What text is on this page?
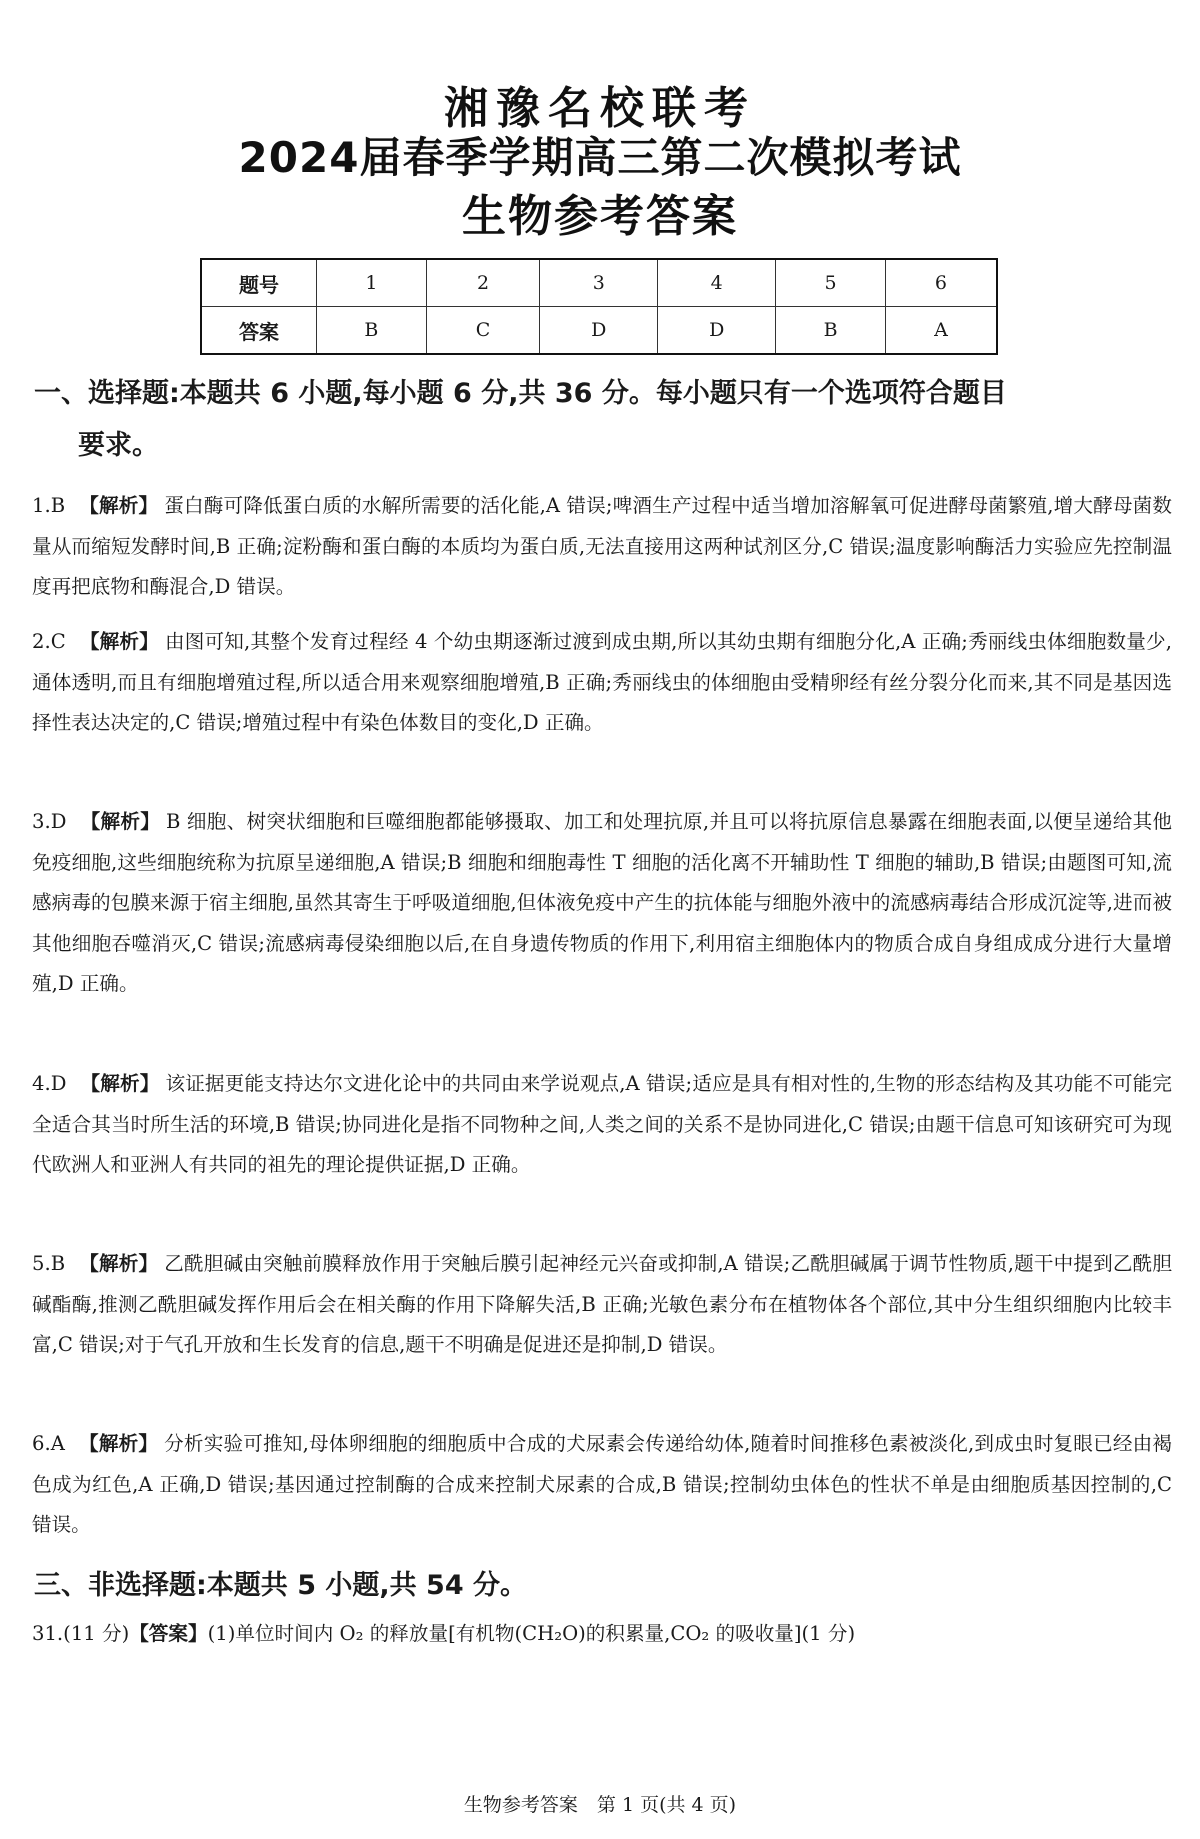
湘豫名校联考
2024届春季学期高三第二次模拟考试
生物参考答案
题号	1	2	3	4	5	6
答案	B	C	D	D	B	A
一、选择题:本题共 6 小题,每小题 6 分,共 36 分。每小题只有一个选项符合题目
要求。
1.B 【解析】 蛋白酶可降低蛋白质的水解所需要的活化能,A 错误;啤酒生产过程中适当增加溶解氧可促进酵母菌繁殖,增大酵母菌数量从而缩短发酵时间,B 正确;淀粉酶和蛋白酶的本质均为蛋白质,无法直接用这两种试剂区分,C 错误;温度影响酶活力实验应先控制温度再把底物和酶混合,D 错误。
2.C 【解析】 由图可知,其整个发育过程经 4 个幼虫期逐渐过渡到成虫期,所以其幼虫期有细胞分化,A 正确;秀丽线虫体细胞数量少,通体透明,而且有细胞增殖过程,所以适合用来观察细胞增殖,B 正确;秀丽线虫的体细胞由受精卵经有丝分裂分化而来,其不同是基因选择性表达决定的,C 错误;增殖过程中有染色体数目的变化,D 正确。
3.D 【解析】 B 细胞、树突状细胞和巨噬细胞都能够摄取、加工和处理抗原,并且可以将抗原信息暴露在细胞表面,以便呈递给其他免疫细胞,这些细胞统称为抗原呈递细胞,A 错误;B 细胞和细胞毒性 T 细胞的活化离不开辅助性 T 细胞的辅助,B 错误;由题图可知,流感病毒的包膜来源于宿主细胞,虽然其寄生于呼吸道细胞,但体液免疫中产生的抗体能与细胞外液中的流感病毒结合形成沉淀等,进而被其他细胞吞噬消灭,C 错误;流感病毒侵染细胞以后,在自身遗传物质的作用下,利用宿主细胞体内的物质合成自身组成成分进行大量增殖,D 正确。
4.D 【解析】 该证据更能支持达尔文进化论中的共同由来学说观点,A 错误;适应是具有相对性的,生物的形态结构及其功能不可能完全适合其当时所生活的环境,B 错误;协同进化是指不同物种之间,人类之间的关系不是协同进化,C 错误;由题干信息可知该研究可为现代欧洲人和亚洲人有共同的祖先的理论提供证据,D 正确。
5.B 【解析】 乙酰胆碱由突触前膜释放作用于突触后膜引起神经元兴奋或抑制,A 错误;乙酰胆碱属于调节性物质,题干中提到乙酰胆碱酯酶,推测乙酰胆碱发挥作用后会在相关酶的作用下降解失活,B 正确;光敏色素分布在植物体各个部位,其中分生组织细胞内比较丰富,C 错误;对于气孔开放和生长发育的信息,题干不明确是促进还是抑制,D 错误。
6.A 【解析】 分析实验可推知,母体卵细胞的细胞质中合成的犬尿素会传递给幼体,随着时间推移色素被淡化,到成虫时复眼已经由褐色成为红色,A 正确,D 错误;基因通过控制酶的合成来控制犬尿素的合成,B 错误;控制幼虫体色的性状不单是由细胞质基因控制的,C 错误。
三、非选择题:本题共 5 小题,共 54 分。
31.(11 分)【答案】(1)单位时间内 O₂ 的释放量[有机物(CH₂O)的积累量,CO₂ 的吸收量](1 分)
生物参考答案　第 1 页(共 4 页)
